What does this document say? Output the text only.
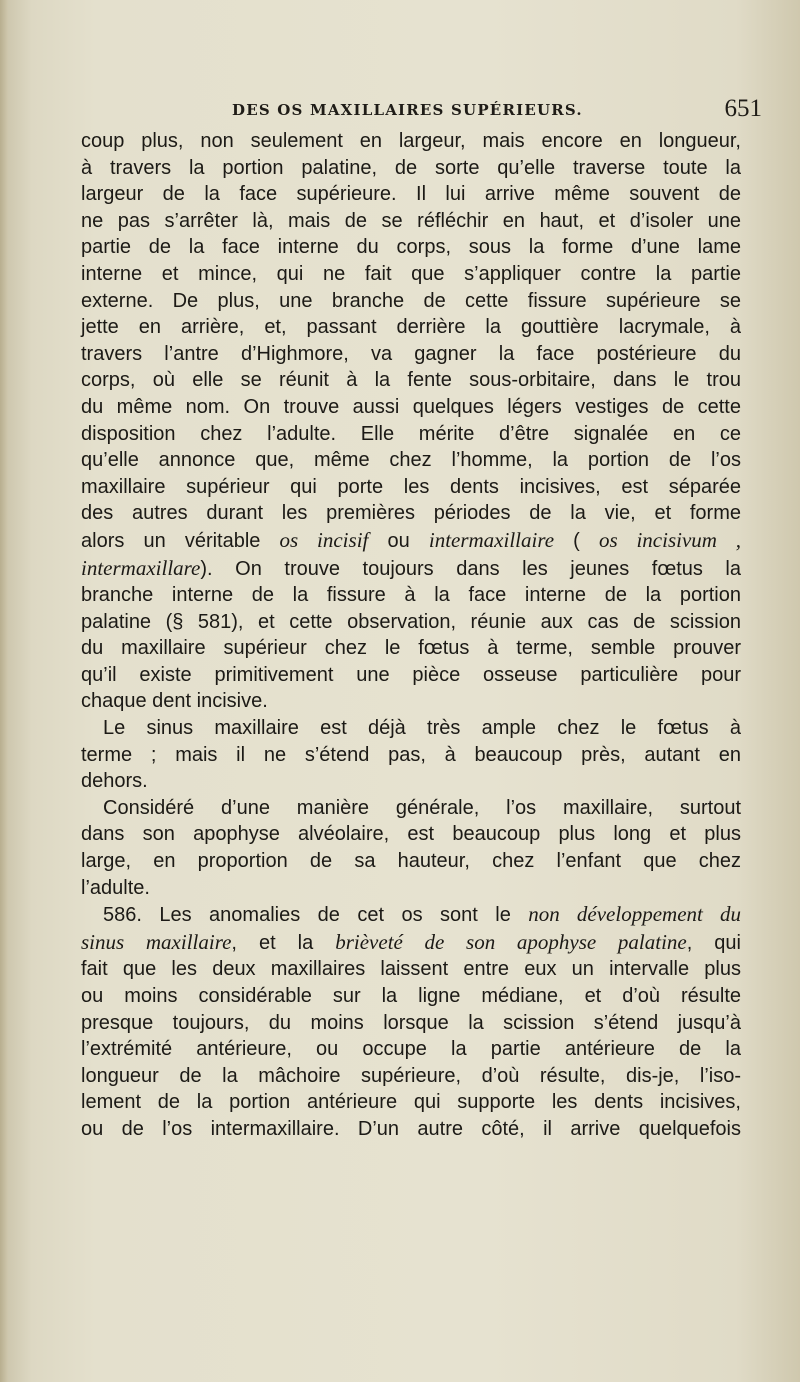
DES OS MAXILLAIRES SUPÉRIEURS.	651
coup plus, non seulement en largeur, mais encore en longueur,
à travers la portion palatine, de sorte qu’elle traverse toute la
largeur de la face supérieure. Il lui arrive même souvent de
ne pas s’arrêter là, mais de se réfléchir en haut, et d’isoler une
partie de la face interne du corps, sous la forme d’une lame
interne et mince, qui ne fait que s’appliquer contre la partie
externe. De plus, une branche de cette fissure supérieure se
jette en arrière, et, passant derrière la gouttière lacrymale, à
travers l’antre d’Highmore, va gagner la face postérieure du
corps, où elle se réunit à la fente sous-orbitaire, dans le trou
du même nom. On trouve aussi quelques légers vestiges de cette
disposition chez l’adulte. Elle mérite d’être signalée en ce
qu’elle annonce que, même chez l’homme, la portion de l’os
maxillaire supérieur qui porte les dents incisives, est séparée
des autres durant les premières périodes de la vie, et forme
alors un véritable os incisif ou intermaxillaire ( os incisivum ,
intermaxillare). On trouve toujours dans les jeunes fœtus la
branche interne de la fissure à la face interne de la portion
palatine (§ 581), et cette observation, réunie aux cas de scission
du maxillaire supérieur chez le fœtus à terme, semble prouver
qu’il existe primitivement une pièce osseuse particulière pour
chaque dent incisive.
Le sinus maxillaire est déjà très ample chez le fœtus à
terme ; mais il ne s’étend pas, à beaucoup près, autant en
dehors.
Considéré d’une manière générale, l’os maxillaire, surtout
dans son apophyse alvéolaire, est beaucoup plus long et plus
large, en proportion de sa hauteur, chez l’enfant que chez
l’adulte.
586. Les anomalies de cet os sont le non développement du
sinus maxillaire, et la brièveté de son apophyse palatine, qui
fait que les deux maxillaires laissent entre eux un intervalle plus
ou moins considérable sur la ligne médiane, et d’où résulte
presque toujours, du moins lorsque la scission s’étend jusqu’à
l’extrémité antérieure, ou occupe la partie antérieure de la
longueur de la mâchoire supérieure, d’où résulte, dis-je, l’iso-
lement de la portion antérieure qui supporte les dents incisives,
ou de l’os intermaxillaire. D’un autre côté, il arrive quelquefois
